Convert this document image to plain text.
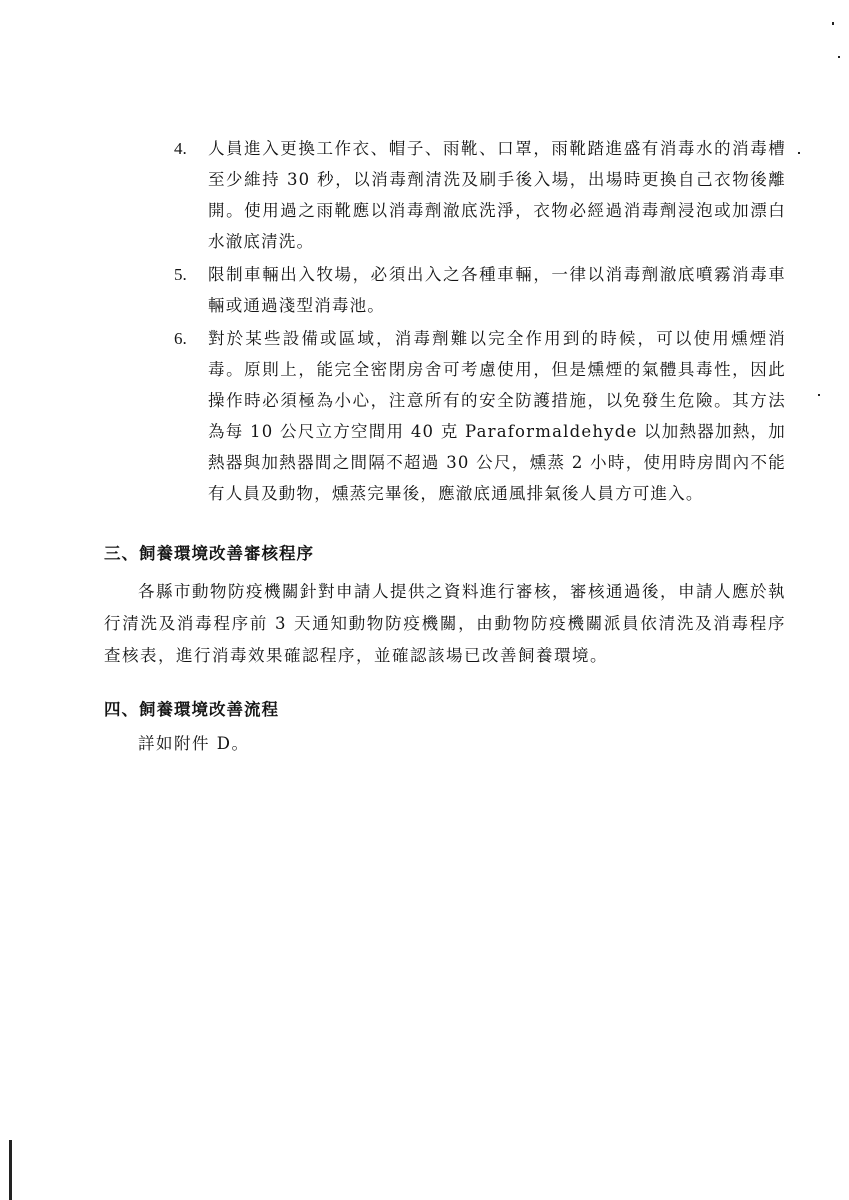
4.	人員進入更換工作衣、帽子、雨靴、口罩，雨靴踏進盛有消毒水的消毒槽至少維持 30 秒，以消毒劑清洗及刷手後入場，出場時更換自己衣物後離開。使用過之雨靴應以消毒劑澈底洗淨，衣物必經過消毒劑浸泡或加漂白水澈底清洗。
5.	限制車輛出入牧場，必須出入之各種車輛，一律以消毒劑澈底噴霧消毒車輛或通過淺型消毒池。
6.	對於某些設備或區域，消毒劑難以完全作用到的時候，可以使用燻煙消毒。原則上，能完全密閉房舍可考慮使用，但是燻煙的氣體具毒性，因此操作時必須極為小心，注意所有的安全防護措施，以免發生危險。其方法為每 10 公尺立方空間用 40 克 Paraformaldehyde 以加熱器加熱，加熱器與加熱器間之間隔不超過 30 公尺，燻蒸 2 小時，使用時房間內不能有人員及動物，燻蒸完畢後，應澈底通風排氣後人員方可進入。
三、飼養環境改善審核程序
各縣市動物防疫機關針對申請人提供之資料進行審核，審核通過後，申請人應於執行清洗及消毒程序前 3 天通知動物防疫機關，由動物防疫機關派員依清洗及消毒程序查核表，進行消毒效果確認程序，並確認該場已改善飼養環境。
四、飼養環境改善流程
詳如附件 D。
